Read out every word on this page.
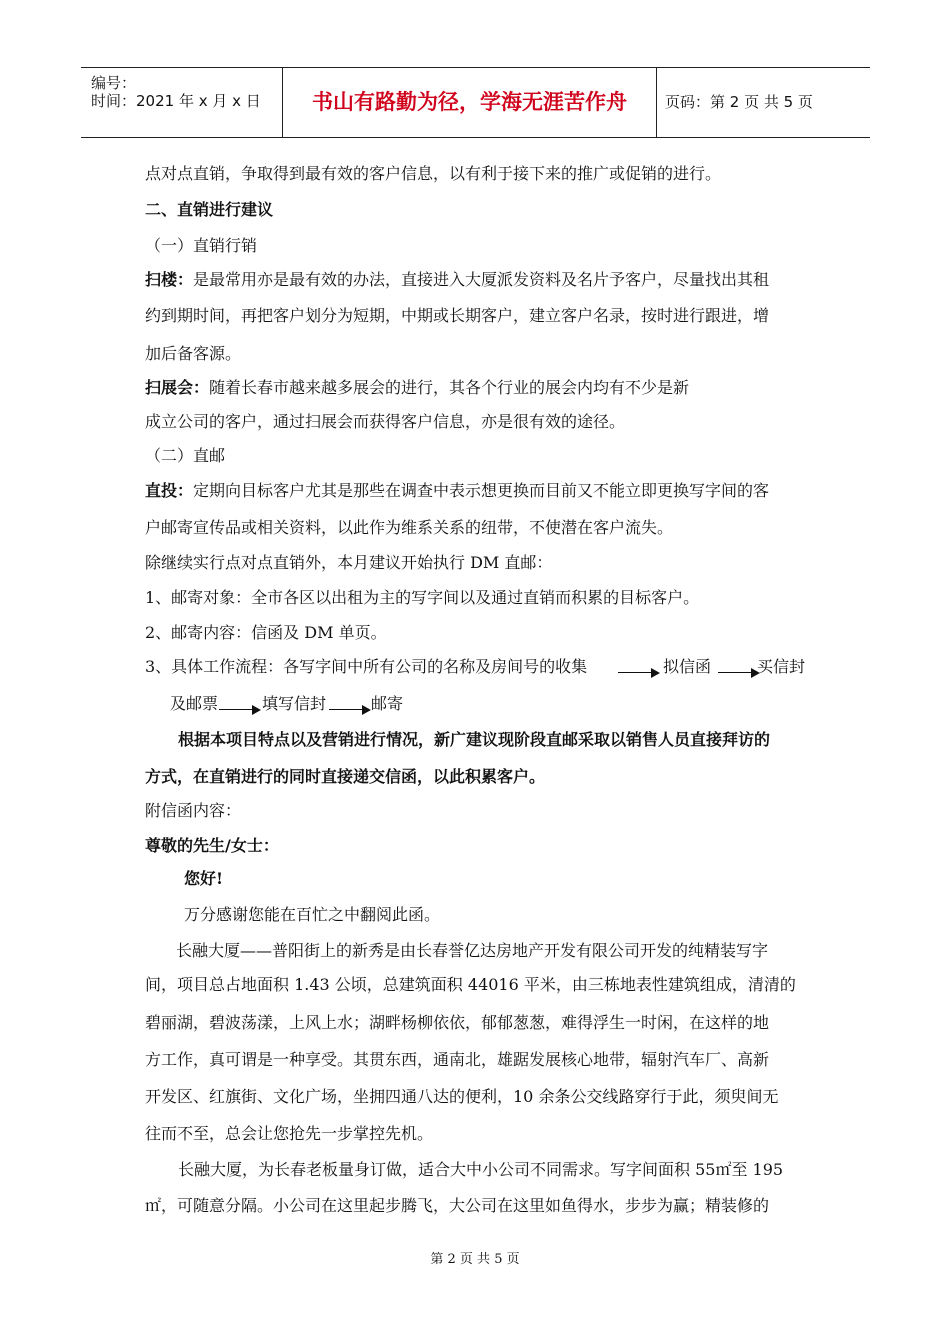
编号：
时间：2021 年 x 月 x 日	书山有路勤为径，学海无涯苦作舟	页码：第 2 页 共 5 页
点对点直销，争取得到最有效的客户信息，以有利于接下来的推广或促销的进行。
二、直销进行建议
（一）直销行销
扫楼：是最常用亦是最有效的办法，直接进入大厦派发资料及名片予客户，尽量找出其租
约到期时间，再把客户划分为短期，中期或长期客户，建立客户名录，按时进行跟进，增
加后备客源。
扫展会：随着长春市越来越多展会的进行，其各个行业的展会内均有不少是新
成立公司的客户，通过扫展会而获得客户信息，亦是很有效的途径。
（二）直邮
直投：定期向目标客户尤其是那些在调查中表示想更换而目前又不能立即更换写字间的客
户邮寄宣传品或相关资料，以此作为维系关系的纽带，不使潜在客户流失。
除继续实行点对点直销外，本月建议开始执行 DM 直邮：
1、邮寄对象：全市各区以出租为主的写字间以及通过直销而积累的目标客户。
2、邮寄内容：信函及 DM 单页。
3、具体工作流程：各写字间中所有公司的名称及房间号的收集	拟信函	买信封
及邮票	填写信封	邮寄
根据本项目特点以及营销进行情况，新广建议现阶段直邮采取以销售人员直接拜访的
方式，在直销进行的同时直接递交信函，以此积累客户。
附信函内容：
尊敬的先生/女士：
您好!
万分感谢您能在百忙之中翻阅此函。
长融大厦——普阳街上的新秀是由长春誉亿达房地产开发有限公司开发的纯精装写字
间，项目总占地面积 1.43 公顷，总建筑面积 44016 平米，由三栋地表性建筑组成，清清的
碧丽湖，碧波荡漾，上风上水；湖畔杨柳依依，郁郁葱葱，难得浮生一时闲，在这样的地
方工作，真可谓是一种享受。其贯东西，通南北，雄踞发展核心地带，辐射汽车厂、高新
开发区、红旗街、文化广场，坐拥四通八达的便利，10 余条公交线路穿行于此，须臾间无
往而不至，总会让您抢先一步掌控先机。
长融大厦，为长春老板量身订做，适合大中小公司不同需求。写字间面积 55㎡至 195
㎡，可随意分隔。小公司在这里起步腾飞，大公司在这里如鱼得水，步步为赢；精装修的
第 2 页 共 5 页
